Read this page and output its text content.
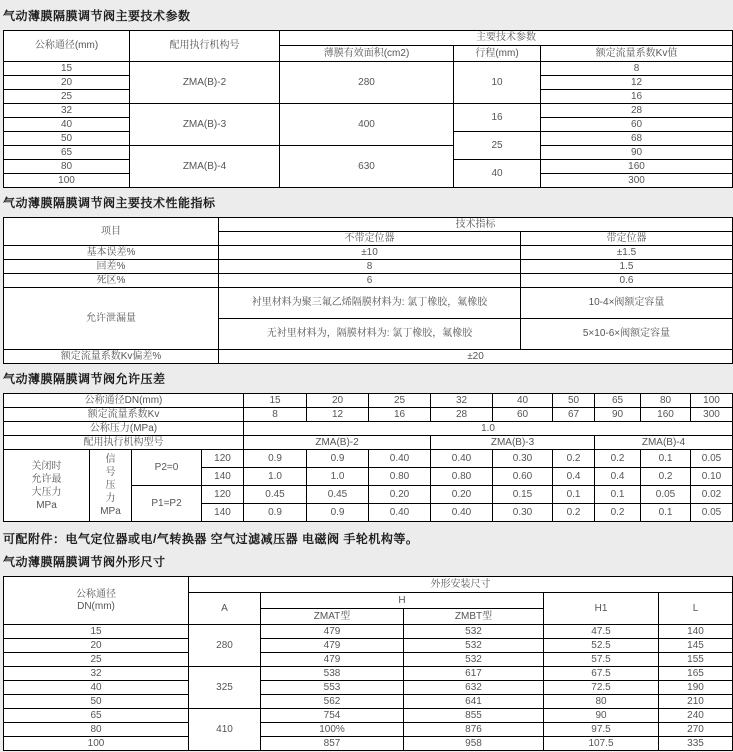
气动薄膜隔膜调节阀主要技术参数
公称通径(mm)	配用执行机构号	主要技术参数		
		薄膜有效面积(cm2)	行程(mm)	额定流量系数Kv值
15	ZMA(B)-2	280	10	8
20				12
25				16
32	ZMA(B)-3	400	16	28
40				60
50			25	68
65	ZMA(B)-4	630		90
80			40	160
100				300
气动薄膜隔膜调节阀主要技术性能指标
项目	技术指标	
	不带定位器	带定位器
基本误差%	±10	±1.5
回差%	8	1.5
死区%	6	0.6
允许泄漏量	衬里材料为聚三氟乙烯隔膜材料为: 氯丁橡胶，氟橡胶	10-4×阀额定容量
	无衬里材料为，隔膜材料为: 氯丁橡胶，氟橡胶	5×10-6×阀额定容量
额定流量系数Kv偏差%	±20	
气动薄膜隔膜调节阀允许压差
公称通径DN(mm)				15	20	25	32	40	50	65	80	100
额定流量系数Kv				8	12	16	28	60	67	90	160	300
公称压力(MPa)				1.0								
配用执行机构型号				ZMA(B)-2			ZMA(B)-3			ZMA(B)-4		

关闭时
允许最
大压力
MPa

信
号
压
力
MPa
	P2=0	120	0.9	0.9	0.40	0.40	0.30	0.2	0.2	0.1	0.05
			140	1.0	1.0	0.80	0.80	0.60	0.4	0.4	0.2	0.10
		P1=P2	120	0.45	0.45	0.20	0.20	0.15	0.1	0.1	0.05	0.02
			140	0.9	0.9	0.40	0.40	0.30	0.2	0.2	0.1	0.05
可配附件：电气定位器或电/气转换器 空气过滤减压器 电磁阀 手轮机构等。
气动薄膜隔膜调节阀外形尺寸
公称通径
DN(mm)	外形安装尺寸				
	A	H		H1	L
		ZMAT型	ZMBT型		
15	280	479	532	47.5	140
20		479	532	52.5	145
25		479	532	57.5	155
32	325	538	617	67.5	165
40		553	632	72.5	190
50		562	641	80	210
65	410	754	855	90	240
80		100%	876	97.5	270
100		857	958	107.5	335
